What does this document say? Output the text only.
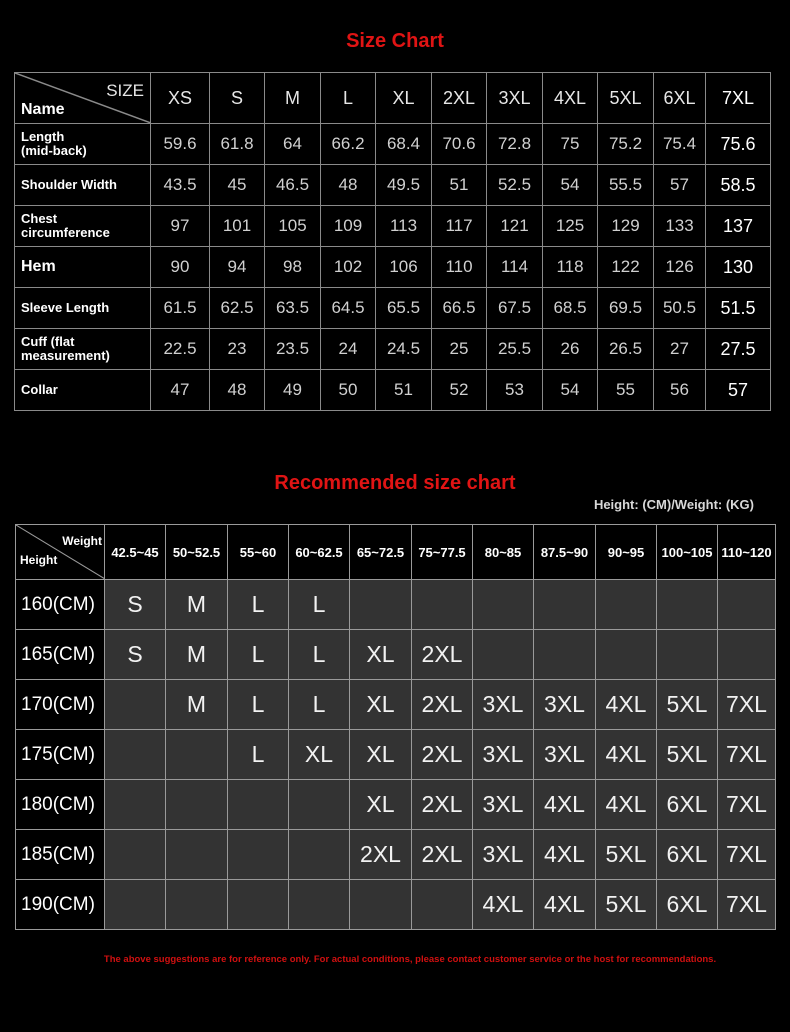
Size Chart
SIZE
Name	XS	S	M	L	XL	2XL	3XL	4XL	5XL	6XL	7XL
Length
(mid-back)	59.6	61.8	64	66.2	68.4	70.6	72.8	75	75.2	75.4	75.6
Shoulder Width	43.5	45	46.5	48	49.5	51	52.5	54	55.5	57	58.5
Chest
circumference	97	101	105	109	113	117	121	125	129	133	137
Hem	90	94	98	102	106	110	114	118	122	126	130
Sleeve Length	61.5	62.5	63.5	64.5	65.5	66.5	67.5	68.5	69.5	50.5	51.5
Cuff (flat
measurement)	22.5	23	23.5	24	24.5	25	25.5	26	26.5	27	27.5
Collar	47	48	49	50	51	52	53	54	55	56	57
Recommended size chart
Height: (CM)/Weight: (KG)
Weight
Height	42.5~45	50~52.5	55~60	60~62.5	65~72.5	75~77.5	80~85	87.5~90	90~95	100~105	110~120
160(CM)	S	M	L	L							
165(CM)	S	M	L	L	XL	2XL					
170(CM)		M	L	L	XL	2XL	3XL	3XL	4XL	5XL	7XL
175(CM)			L	XL	XL	2XL	3XL	3XL	4XL	5XL	7XL
180(CM)					XL	2XL	3XL	4XL	4XL	6XL	7XL
185(CM)					2XL	2XL	3XL	4XL	5XL	6XL	7XL
190(CM)							4XL	4XL	5XL	6XL	7XL
The above suggestions are for reference only. For actual conditions, please contact customer service or the host for recommendations.
